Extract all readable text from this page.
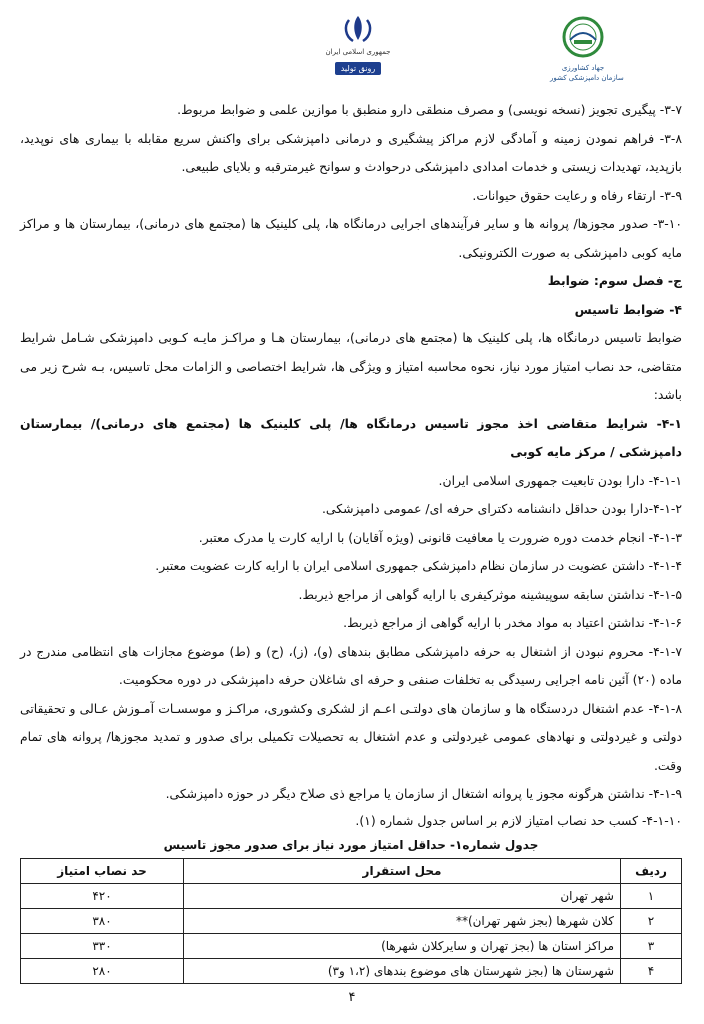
جهاد کشاورزی
سازمان دامپزشکی کشور
جمهوری اسلامی ایران
رونق تولید

۳-۷- پیگیری تجویز (نسخه نویسی) و مصرف منطقی دارو منطبق با موازین علمی و ضوابط مربوط.

۳-۸- فراهم نمودن زمینه و آمادگی لازم مراکز پیشگیری و درمانی دامپزشکی برای واکنش سریع مقابله با بیماری های نوپدید، بازپدید، تهدیدات زیستی و خدمات امدادی دامپزشکی درحوادث و سوانح غیرمترقبه و بلایای طبیعی.

۳-۹- ارتقاء رفاه و رعایت حقوق حیوانات.

۳-۱۰- صدور مجوزها/ پروانه ها و سایر فرآیندهای اجرایی درمانگاه ها، پلی کلینیک ها (مجتمع های درمانی)، بیمارستان ها و مراکز مایه کوبی دامپزشکی به صورت الکترونیکی.

ج- فصل سوم: ضوابط

۴- ضوابط تاسیس

ضوابط تاسیس درمانگاه ها، پلی کلینیک ها (مجتمع های درمانی)، بیمارستان هـا و مراکـز مایـه کـوبی دامپزشکی شـامل شرایط متقاضی، حد نصاب امتیاز مورد نیاز، نحوه محاسبه امتیاز و ویژگی ها، شرایط اختصاصی و الزامات محل تاسیس، بـه شرح زیر می باشد:

۴-۱- شرایط متقاضی اخذ مجوز تاسیس درمانگاه ها/ پلی کلینیک ها (مجتمع های درمانی)/ بیمارستان دامپزشکی / مرکز مایه کوبی

۴-۱-۱- دارا بودن تابعیت جمهوری اسلامی ایران.

۴-۱-۲-دارا بودن حداقل دانشنامه دکترای حرفه ای/ عمومی دامپزشکی.

۴-۱-۳- انجام خدمت دوره ضرورت یا معافیت قانونی (ویژه آقایان) با ارایه کارت یا مدرک معتبر.

۴-۱-۴- داشتن عضویت در سازمان نظام دامپزشکی جمهوری اسلامی ایران با ارایه کارت عضویت معتبر.

۴-۱-۵- نداشتن سابقه سوپیشینه موثرکیفری با ارایه گواهی از مراجع ذیربط.

۴-۱-۶- نداشتن اعتیاد به مواد مخدر با ارایه گواهی از مراجع ذیربط.

۴-۱-۷- محروم نبودن از اشتغال به حرفه دامپزشکی مطابق بندهای (و)، (ز)، (ح) و (ط) موضوع مجازات های انتظامی مندرج در ماده (۲۰) آئین نامه اجرایی رسیدگی به تخلفات صنفی و حرفه ای شاغلان حرفه دامپزشکی در دوره محکومیت.

۴-۱-۸- عدم اشتغال دردستگاه ها و سازمان های دولتـی اعـم از لشکری وکشوری، مراکـز و موسسـات آمـوزش عـالی و تحقیقاتی دولتی و غیردولتی و نهادهای عمومی غیردولتی و عدم اشتغال به تحصیلات تکمیلی برای صدور و تمدید مجوزها/ پروانه های تمام وقت.

۴-۱-۹- نداشتن هرگونه مجوز یا پروانه اشتغال از سازمان یا مراجع ذی صلاح دیگر در حوزه دامپزشکی.

۴-۱-۱۰- کسب حد نصاب امتیاز لازم بر اساس جدول شماره (۱).

جدول شماره۱- حداقل امتیاز مورد نیاز برای صدور مجوز تاسیس
ردیف	محل استقرار	حد نصاب امتیاز
۱	شهر تهران	۴۲۰
۲	کلان شهرها (بجز شهر تهران)**	۳۸۰
۳	مراکز استان ها (بجز تهران و سایرکلان شهرها)	۳۳۰
۴	شهرستان ها (بجز شهرستان های موضوع بندهای (۱،۲ و۳)	۲۸۰
۴
